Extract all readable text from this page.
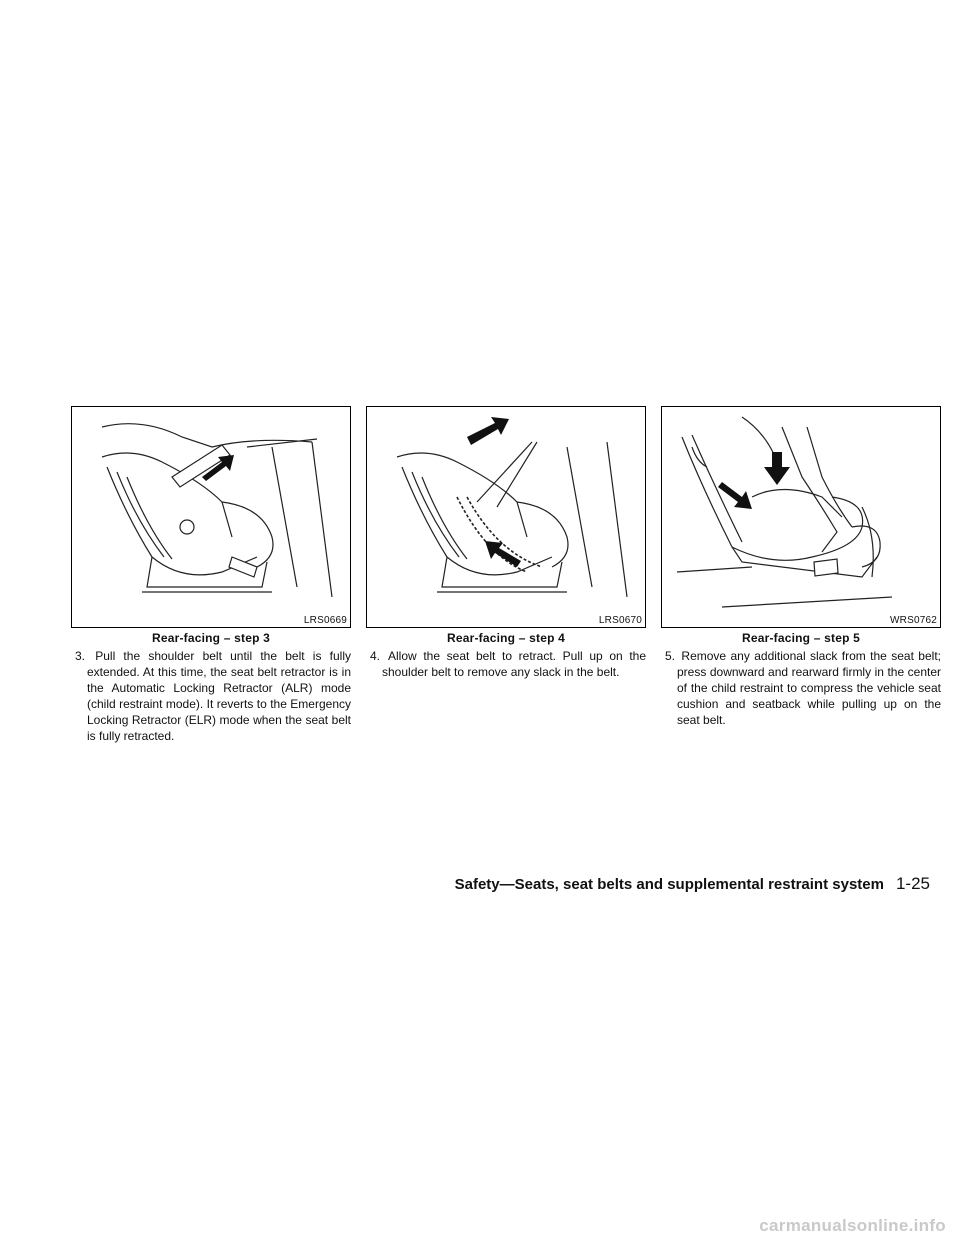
LRS0669
Rear-facing – step 3
3. Pull the shoulder belt until the belt is fully extended. At this time, the seat belt retractor is in the Automatic Locking Retractor (ALR) mode (child restraint mode). It reverts to the Emergency Locking Retractor (ELR) mode when the seat belt is fully retracted.
LRS0670
Rear-facing – step 4
4. Allow the seat belt to retract. Pull up on the shoulder belt to remove any slack in the belt.
WRS0762
Rear-facing – step 5
5. Remove any additional slack from the seat belt; press downward and rearward firmly in the center of the child restraint to compress the vehicle seat cushion and seatback while pulling up on the seat belt.
Safety—Seats, seat belts and supplemental restraint system 1-25
carmanualsonline.info
